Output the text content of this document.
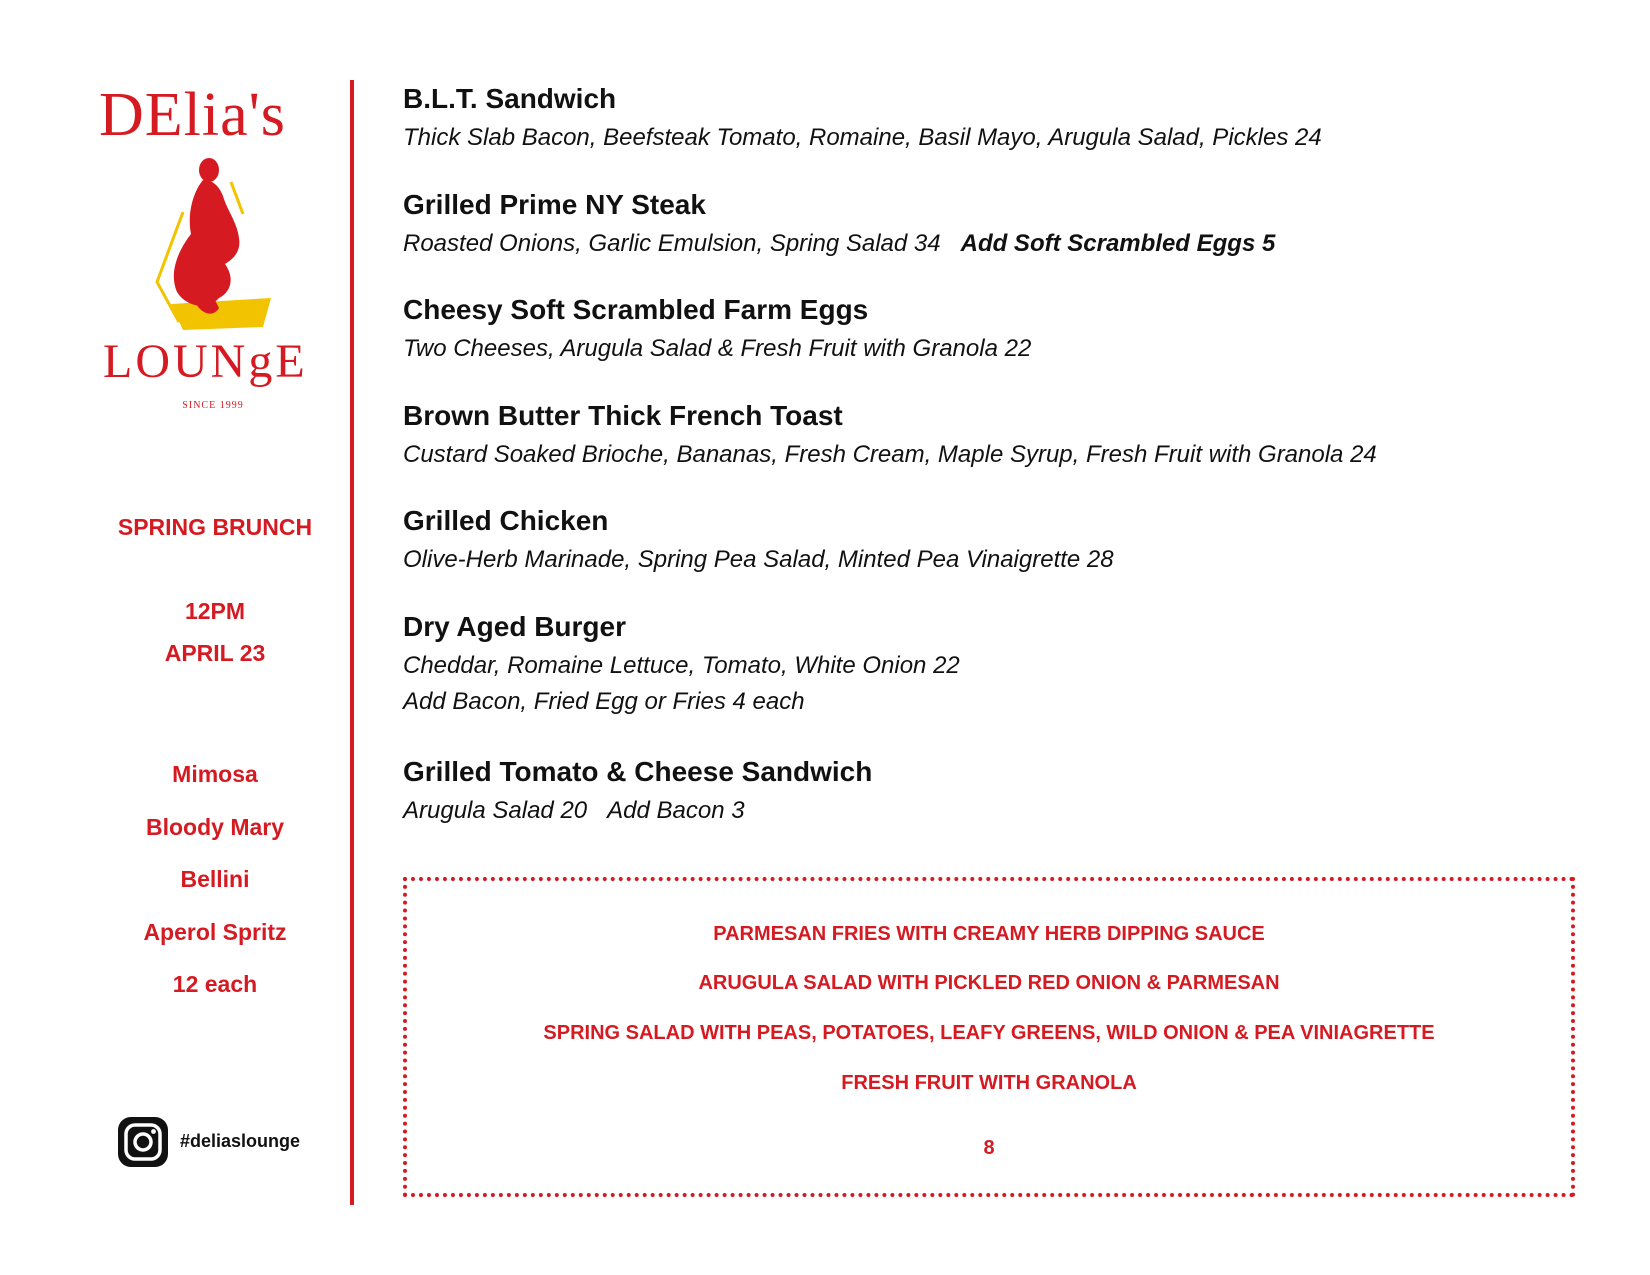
DElia's
LOUNgE
SINCE 1999
SPRING BRUNCH
12PM
APRIL 23
Mimosa
Bloody Mary
Bellini
Aperol Spritz
12 each
#deliaslounge
B.L.T. Sandwich
Thick Slab Bacon, Beefsteak Tomato, Romaine, Basil Mayo, Arugula Salad, Pickles 24
Grilled Prime NY Steak
Roasted Onions, Garlic Emulsion, Spring Salad 34 Add Soft Scrambled Eggs 5
Cheesy Soft Scrambled Farm Eggs
Two Cheeses, Arugula Salad & Fresh Fruit with Granola 22
Brown Butter Thick French Toast
Custard Soaked Brioche, Bananas, Fresh Cream, Maple Syrup, Fresh Fruit with Granola 24
Grilled Chicken
Olive-Herb Marinade, Spring Pea Salad, Minted Pea Vinaigrette 28
Dry Aged Burger
Cheddar, Romaine Lettuce, Tomato, White Onion 22
Add Bacon, Fried Egg or Fries 4 each
Grilled Tomato & Cheese Sandwich
Arugula Salad 20 Add Bacon 3
PARMESAN FRIES WITH CREAMY HERB DIPPING SAUCE
ARUGULA SALAD WITH PICKLED RED ONION & PARMESAN
SPRING SALAD WITH PEAS, POTATOES, LEAFY GREENS, WILD ONION & PEA VINIAGRETTE
FRESH FRUIT WITH GRANOLA
8
